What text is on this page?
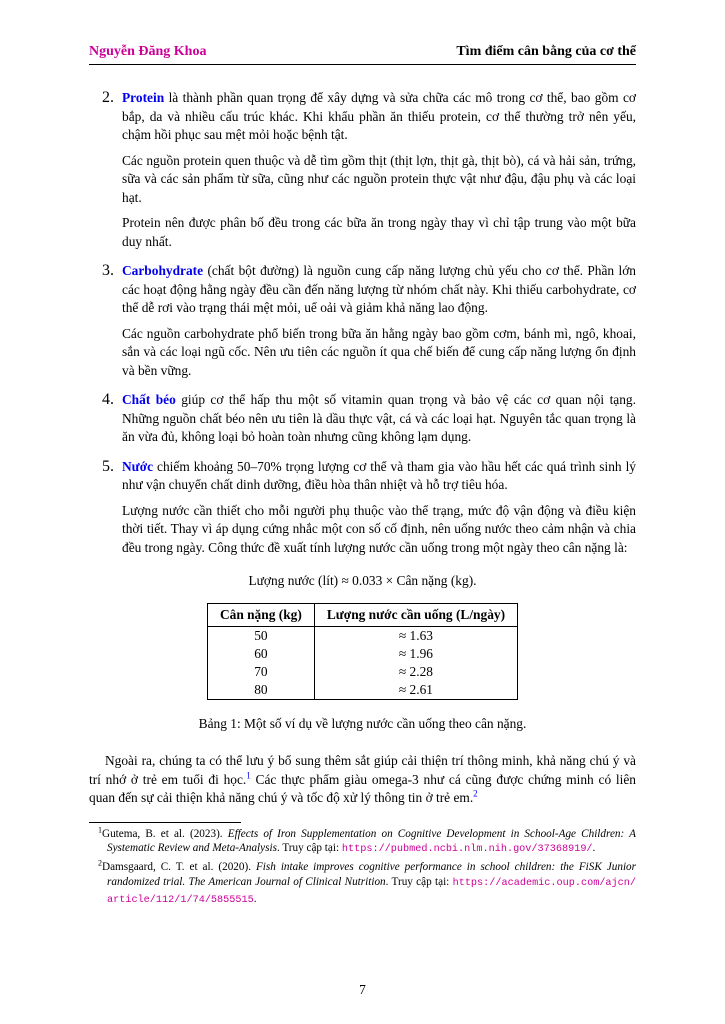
Nguyễn Đăng Khoa	Tìm điểm cân bằng của cơ thể
2. Protein là thành phần quan trọng để xây dựng và sửa chữa các mô trong cơ thể, bao gồm cơ bắp, da và nhiều cấu trúc khác. Khi khẩu phần ăn thiếu protein, cơ thể thường trở nên yếu, chậm hồi phục sau mệt mỏi hoặc bệnh tật.

Các nguồn protein quen thuộc và dễ tìm gồm thịt (thịt lợn, thịt gà, thịt bò), cá và hải sản, trứng, sữa và các sản phẩm từ sữa, cũng như các nguồn protein thực vật như đậu, đậu phụ và các loại hạt.

Protein nên được phân bố đều trong các bữa ăn trong ngày thay vì chỉ tập trung vào một bữa duy nhất.

3. Carbohydrate (chất bột đường) là nguồn cung cấp năng lượng chủ yếu cho cơ thể. Phần lớn các hoạt động hằng ngày đều cần đến năng lượng từ nhóm chất này. Khi thiếu carbohydrate, cơ thể dễ rơi vào trạng thái mệt mỏi, uể oải và giảm khả năng lao động.

Các nguồn carbohydrate phổ biến trong bữa ăn hằng ngày bao gồm cơm, bánh mì, ngô, khoai, sắn và các loại ngũ cốc. Nên ưu tiên các nguồn ít qua chế biến để cung cấp năng lượng ổn định và bền vững.

4. Chất béo giúp cơ thể hấp thu một số vitamin quan trọng và bảo vệ các cơ quan nội tạng. Những nguồn chất béo nên ưu tiên là dầu thực vật, cá và các loại hạt. Nguyên tắc quan trọng là ăn vừa đủ, không loại bỏ hoàn toàn nhưng cũng không lạm dụng.

5. Nước chiếm khoảng 50–70% trọng lượng cơ thể và tham gia vào hầu hết các quá trình sinh lý như vận chuyển chất dinh dưỡng, điều hòa thân nhiệt và hỗ trợ tiêu hóa.

Lượng nước cần thiết cho mỗi người phụ thuộc vào thể trạng, mức độ vận động và điều kiện thời tiết. Thay vì áp dụng cứng nhắc một con số cố định, nên uống nước theo cảm nhận và chia đều trong ngày. Công thức đề xuất tính lượng nước cần uống trong một ngày theo cân nặng là:

Lượng nước (lít) ≈ 0.033 × Cân nặng (kg).
Cân nặng (kg)	Lượng nước cần uống (L/ngày)
50	≈ 1.63
60	≈ 1.96
70	≈ 2.28
80	≈ 2.61
Bảng 1: Một số ví dụ về lượng nước cần uống theo cân nặng.

Ngoài ra, chúng ta có thể lưu ý bổ sung thêm sắt giúp cải thiện trí thông minh, khả năng chú ý và trí nhớ ở trẻ em tuổi đi học.$^1$ Các thực phẩm giàu omega-3 như cá cũng được chứng minh có liên quan đến sự cải thiện khả năng chú ý và tốc độ xử lý thông tin ở trẻ em.$^2$

$^1$Gutema, B. et al. (2023). Effects of Iron Supplementation on Cognitive Development in School-Age Children: A Systematic Review and Meta-Analysis. Truy cập tại: https://pubmed.ncbi.nlm.nih.gov/37368919/.
$^2$Damsgaard, C. T. et al. (2020). Fish intake improves cognitive performance in school children: the FiSK Junior randomized trial. The American Journal of Clinical Nutrition. Truy cập tại: https://academic.oup.com/ajcn/article/112/1/74/5855515.
7
